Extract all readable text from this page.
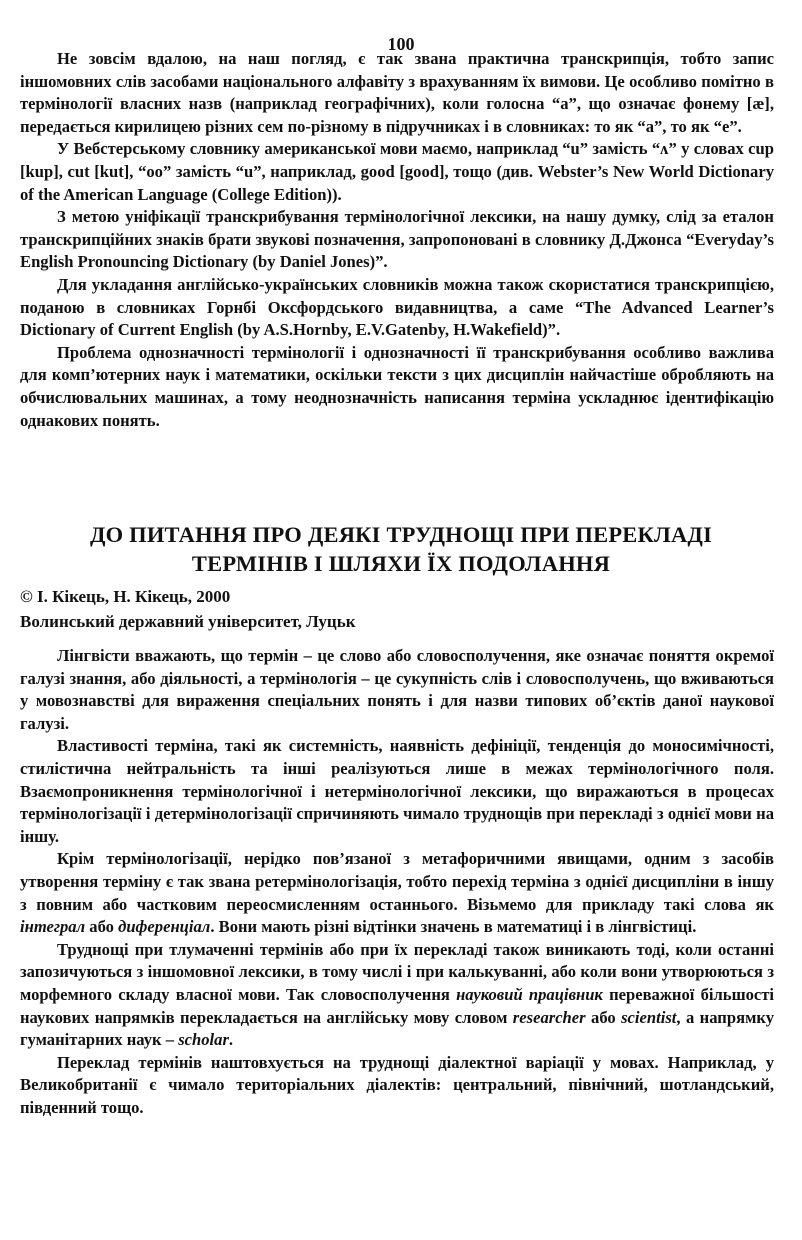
100

Не зовсім вдалою, на наш погляд, є так звана практична транскрипція, тобто запис іншомовних слів засобами національного алфавіту з врахуванням їх вимови. Це особливо помітно в термінології власних назв (наприклад географічних), коли голосна “a”, що означає фонему [æ], передається кирилицею різних сем по-різному в підручниках і в словниках: то як “а”, то як “е”.

У Вебстерському словнику американської мови маємо, наприклад “u” замість “ʌ” у словах cup [kup], cut [kut], “oo” замість “u”, наприклад, good [good], тощо (див. Webster’s New World Dictionary of the American Language (College Edition)).

З метою уніфікації транскрибування термінологічної лексики, на нашу думку, слід за еталон транскрипційних знаків брати звукові позначення, запропоновані в словнику Д.Джонса “Everyday’s English Pronouncing Dictionary (by Daniel Jones)”.

Для укладання англійсько-українських словників можна також скористатися транскрипцією, поданою в словниках Горнбі Оксфордського видавництва, а саме “The Advanced Learner’s Dictionary of Current English (by A.S.Hornby, E.V.Gatenby, H.Wakefield)”.

Проблема однозначності термінології і однозначності її транскрибування особливо важлива для комп’ютерних наук і математики, оскільки тексти з цих дисциплін найчастіше обробляють на обчислювальних машинах, а тому неоднозначність написання терміна ускладнює ідентифікацію однакових понять.

ДО ПИТАННЯ ПРО ДЕЯКІ ТРУДНОЩІ ПРИ ПЕРЕКЛАДІ
ТЕРМІНІВ І ШЛЯХИ ЇХ ПОДОЛАННЯ
© І. Кікець, Н. Кікець, 2000
Волинський державний університет, Луцьк

Лінгвісти вважають, що термін – це слово або словосполучення, яке означає поняття окремої галузі знання, або діяльності, а термінологія – це сукупність слів і словосполучень, що вживаються у мовознавстві для вираження спеціальних понять і для назви типових об’єктів даної наукової галузі.

Властивості терміна, такі як системність, наявність дефініції, тенденція до моносимічності, стилістична нейтральність та інші реалізуються лише в межах термінологічного поля. Взаємопроникнення термінологічної і нетермінологічної лексики, що виражаються в процесах термінологізації і детермінологізації спричиняють чимало труднощів при перекладі з однієї мови на іншу.

Крім термінологізації, нерідко пов’язаної з метафоричними явищами, одним з засобів утворення терміну є так звана ретермінологізація, тобто перехід терміна з однієї дисципліни в іншу з повним або частковим переосмисленням останнього. Візьмемо для прикладу такі слова як інтеграл або диференціал. Вони мають різні відтінки значень в математиці і в лінгвістиці.

Труднощі при тлумаченні термінів або при їх перекладі також виникають тоді, коли останні запозичуються з іншомовної лексики, в тому числі і при калькуванні, або коли вони утворюються з морфемного складу власної мови. Так словосполучення науковий працівник переважної більшості наукових напрямків перекладається на англійську мову словом researcher або scientist, а напрямку гуманітарних наук – scholar.

Переклад термінів наштовхується на труднощі діалектної варіації у мовах. Наприклад, у Великобританії є чимало територіальних діалектів: центральний, північний, шотландський, південний тощо.
